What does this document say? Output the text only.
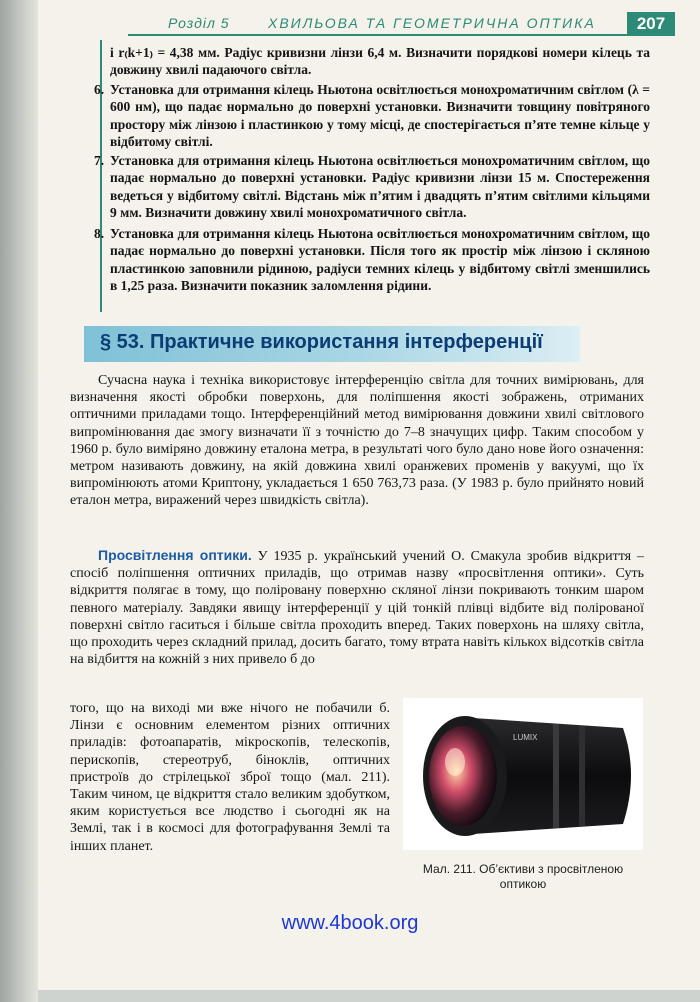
Розділ 5	ХВИЛЬОВА ТА ГЕОМЕТРИЧНА ОПТИКА	207
і r₍k+1₎ = 4,38 мм. Радіус кривизни лінзи 6,4 м. Визначити порядкові номери кілець та довжину хвилі падаючого світла.
6. Установка для отримання кілець Ньютона освітлюється монохроматичним світлом (λ = 600 нм), що падає нормально до поверхні установки. Визначити товщину повітряного простору між лінзою і пластинкою у тому місці, де спостерігається п’яте темне кільце у відбитому світлі.
7. Установка для отримання кілець Ньютона освітлюється монохроматичним світлом, що падає нормально до поверхні установки. Радіус кривизни лінзи 15 м. Спостереження ведеться у відбитому світлі. Відстань між п’ятим і двадцять п’ятим світлими кільцями 9 мм. Визначити довжину хвилі монохроматичного світла.
8. Установка для отримання кілець Ньютона освітлюється монохроматичним світлом, що падає нормально до поверхні установки. Після того як простір між лінзою і скляною пластинкою заповнили рідиною, радіуси темних кілець у відбитому світлі зменшились в 1,25 раза. Визначити показник заломлення рідини.
§ 53. Практичне використання інтерференції

Сучасна наука і техніка використовує інтерференцію світла для точних вимірювань, для визначення якості обробки поверхонь, для поліпшення якості зображень, отриманих оптичними приладами тощо. Інтерференційний метод вимірювання довжини хвилі світлового випромінювання дає змогу визначати її з точністю до 7–8 значущих цифр. Таким способом у 1960 р. було виміряно довжину еталона метра, в результаті чого було дано нове його означення: метром називають довжину, на якій довжина хвилі оранжевих променів у вакуумі, що їх випромінюють атоми Криптону, укладається 1 650 763,73 раза. (У 1983 р. було прийнято новий еталон метра, виражений через швидкість світла).

Просвітлення оптики. У 1935 р. український учений О. Смакула зробив відкриття – спосіб поліпшення оптичних приладів, що отримав назву «просвітлення оптики». Суть відкриття полягає в тому, що поліровану поверхню скляної лінзи покривають тонким шаром певного матеріалу. Завдяки явищу інтерференції у цій тонкій плівці відбите від полірованої поверхні світло гаситься і більше світла проходить вперед. Таких поверхонь на шляху світла, що проходить через складний прилад, досить багато, тому втрата навіть кількох відсотків світла на відбиття на кожній з них привело б до

того, що на виході ми вже нічого не побачили б. Лінзи є основним елементом різних оптичних приладів: фотоапаратів, мікроскопів, телескопів, перископів, стереотруб, біноклів, оптичних пристроїв до стрілецької зброї тощо (мал. 211). Таким чином, це відкриття стало великим здобутком, яким користується все людство і сьогодні як на Землі, так і в космосі для фотографування Землі та інших планет.

LUMIX
Мал. 211. Об’єктиви з просвітленою оптикою
www.4book.org
